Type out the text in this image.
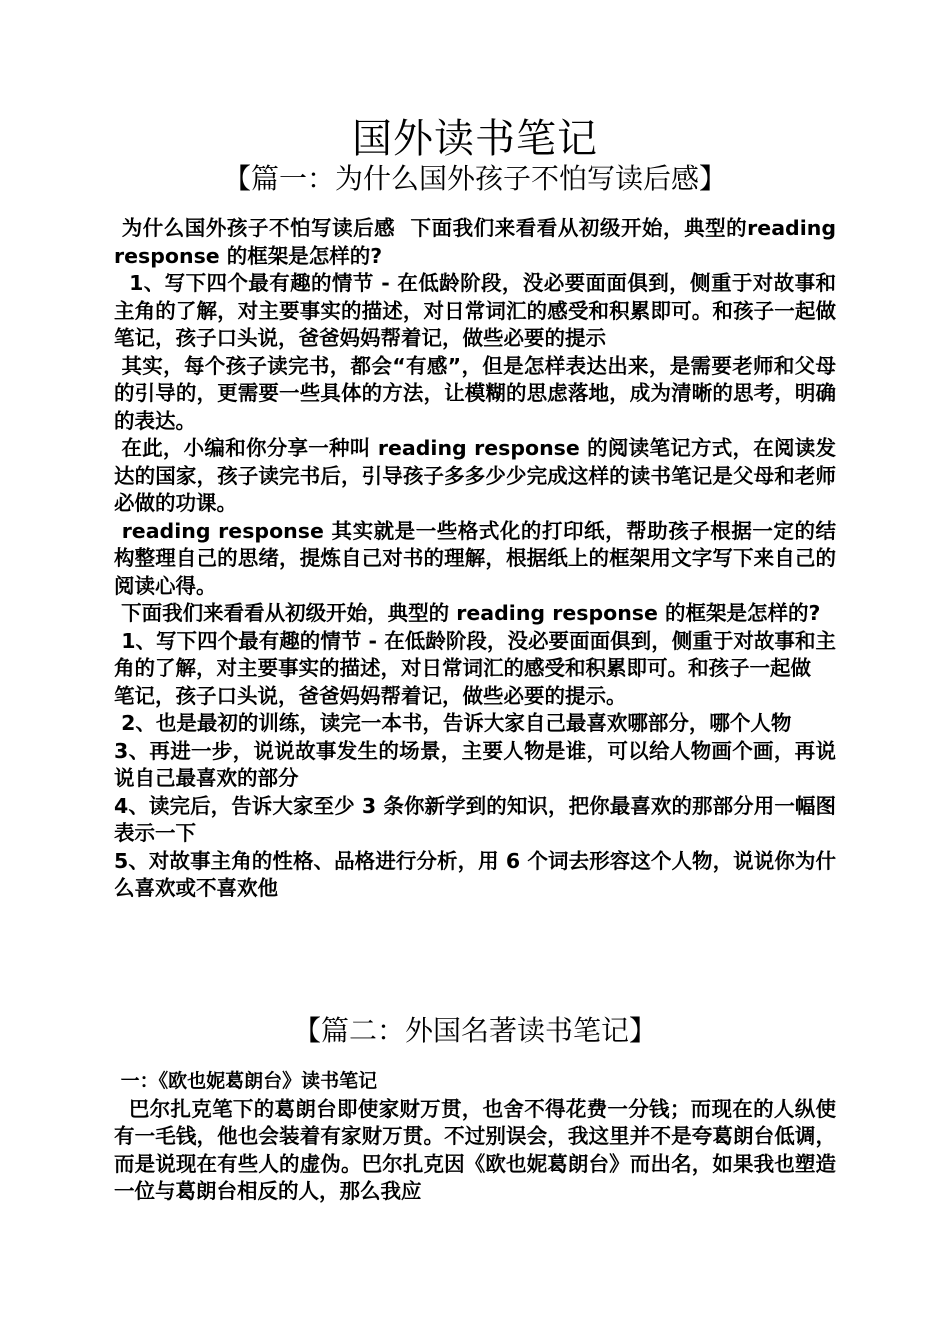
国外读书笔记
【篇一：为什么国外孩子不怕写读后感】

为什么国外孩子不怕写读后感  下面我们来看看从初级开始，典型的reading response 的框架是怎样的?

1、写下四个最有趣的情节 - 在低龄阶段，没必要面面俱到，侧重于对故事和主角的了解，对主要事实的描述，对日常词汇的感受和积累即可。和孩子一起做笔记，孩子口头说，爸爸妈妈帮着记，做些必要的提示

其实，每个孩子读完书，都会“有感”，但是怎样表达出来，是需要老师和父母的引导的，更需要一些具体的方法，让模糊的思虑落地，成为清晰的思考，明确的表达。

在此，小编和你分享一种叫 reading response 的阅读笔记方式，在阅读发达的国家，孩子读完书后，引导孩子多多少少完成这样的读书笔记是父母和老师必做的功课。

reading response 其实就是一些格式化的打印纸，帮助孩子根据一定的结构整理自己的思绪，提炼自己对书的理解，根据纸上的框架用文字写下来自己的阅读心得。

下面我们来看看从初级开始，典型的 reading response 的框架是怎样的?

1、写下四个最有趣的情节 - 在低龄阶段，没必要面面俱到，侧重于对故事和主角的了解，对主要事实的描述，对日常词汇的感受和积累即可。和孩子一起做

笔记，孩子口头说，爸爸妈妈帮着记，做些必要的提示。

2、也是最初的训练，读完一本书，告诉大家自己最喜欢哪部分，哪个人物

3、再进一步，说说故事发生的场景，主要人物是谁，可以给人物画个画，再说说自己最喜欢的部分

4、读完后，告诉大家至少 3 条你新学到的知识，把你最喜欢的那部分用一幅图表示一下

5、对故事主角的性格、品格进行分析，用 6 个词去形容这个人物，说说你为什么喜欢或不喜欢他

【篇二：外国名著读书笔记】

一：《欧也妮葛朗台》读书笔记

巴尔扎克笔下的葛朗台即使家财万贯，也舍不得花费一分钱；而现在的人纵使有一毛钱，他也会装着有家财万贯。不过别误会，我这里并不是夸葛朗台低调，而是说现在有些人的虚伪。巴尔扎克因《欧也妮葛朗台》而出名，如果我也塑造一位与葛朗台相反的人，那么我应
